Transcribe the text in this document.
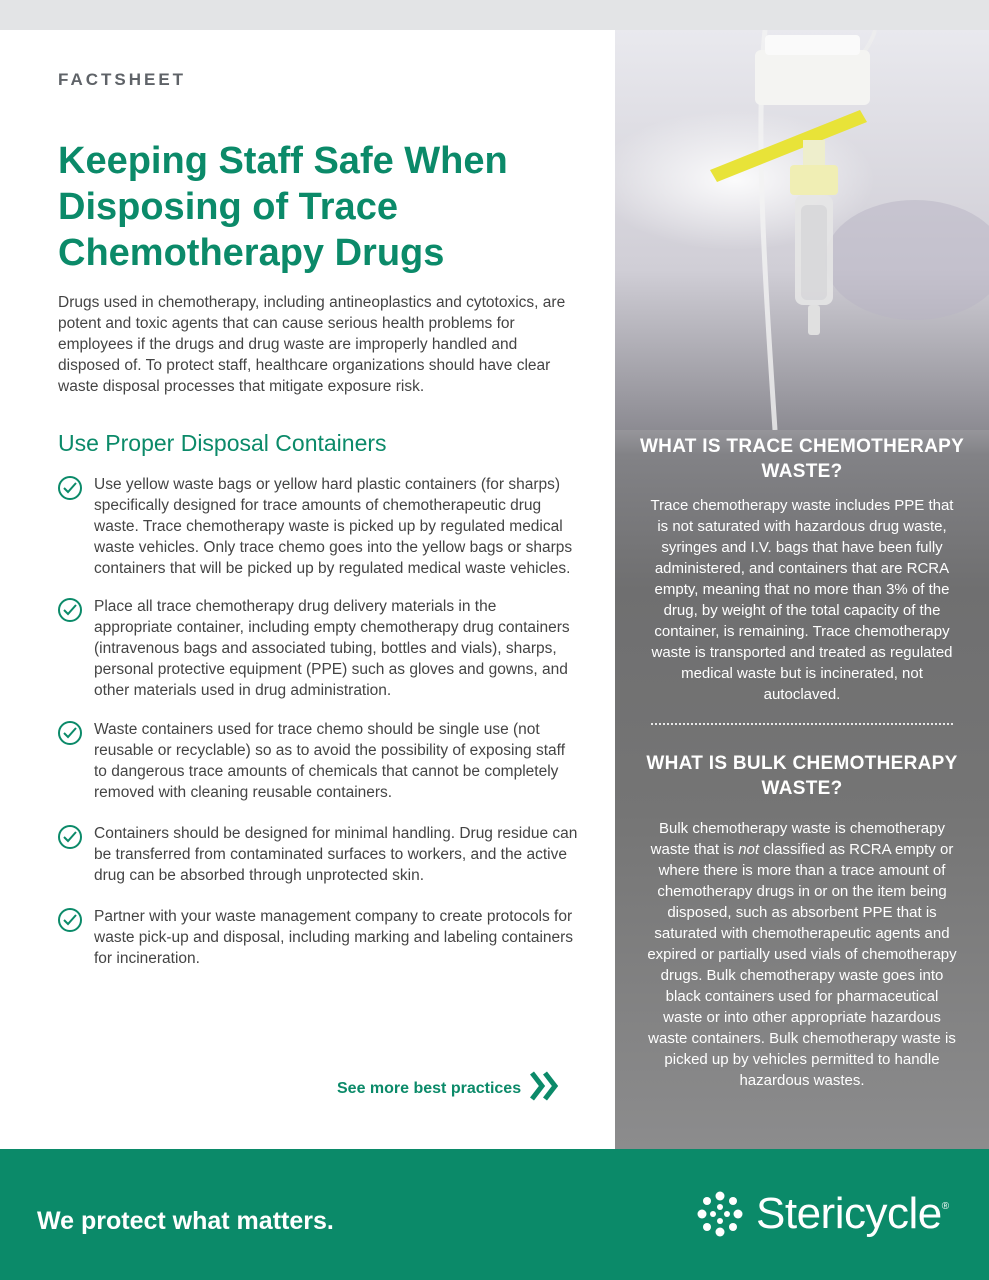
FACTSHEET
Keeping Staff Safe When Disposing of Trace Chemotherapy Drugs

Drugs used in chemotherapy, including antineoplastics and cytotoxics, are potent and toxic agents that can cause serious health problems for employees if the drugs and drug waste are improperly handled and disposed of. To protect staff, healthcare organizations should have clear waste disposal processes that mitigate exposure risk.

Use Proper Disposal Containers
Use yellow waste bags or yellow hard plastic containers (for sharps) specifically designed for trace amounts of chemotherapeutic drug waste. Trace chemotherapy waste is picked up by regulated medical waste vehicles. Only trace chemo goes into the yellow bags or sharps containers that will be picked up by regulated medical waste vehicles.
Place all trace chemotherapy drug delivery materials in the appropriate container, including empty chemotherapy drug containers (intravenous bags and associated tubing, bottles and vials), sharps, personal protective equipment (PPE) such as gloves and gowns, and other materials used in drug administration.
Waste containers used for trace chemo should be single use (not reusable or recyclable) so as to avoid the possibility of exposing staff to dangerous trace amounts of chemicals that cannot be completely removed with cleaning reusable containers.
Containers should be designed for minimal handling. Drug residue can be transferred from contaminated surfaces to workers, and the active drug can be absorbed through unprotected skin.
Partner with your waste management company to create protocols for waste pick-up and disposal, including marking and labeling containers for incineration.
See more best practices
WHAT IS TRACE CHEMOTHERAPY WASTE?

Trace chemotherapy waste includes PPE that is not saturated with hazardous drug waste, syringes and I.V. bags that have been fully administered, and containers that are RCRA empty, meaning that no more than 3% of the drug, by weight of the total capacity of the container, is remaining. Trace chemotherapy waste is transported and treated as regulated medical waste but is incinerated, not autoclaved.

WHAT IS BULK CHEMOTHERAPY WASTE?

Bulk chemotherapy waste is chemotherapy waste that is not classified as RCRA empty or where there is more than a trace amount of chemotherapy drugs in or on the item being disposed, such as absorbent PPE that is saturated with chemotherapeutic agents and expired or partially used vials of chemotherapy drugs. Bulk chemotherapy waste goes into black containers used for pharmaceutical waste or into other appropriate hazardous waste containers. Bulk chemotherapy waste is picked up by vehicles permitted to handle hazardous wastes.

We protect what matters.	Stericycle ®
